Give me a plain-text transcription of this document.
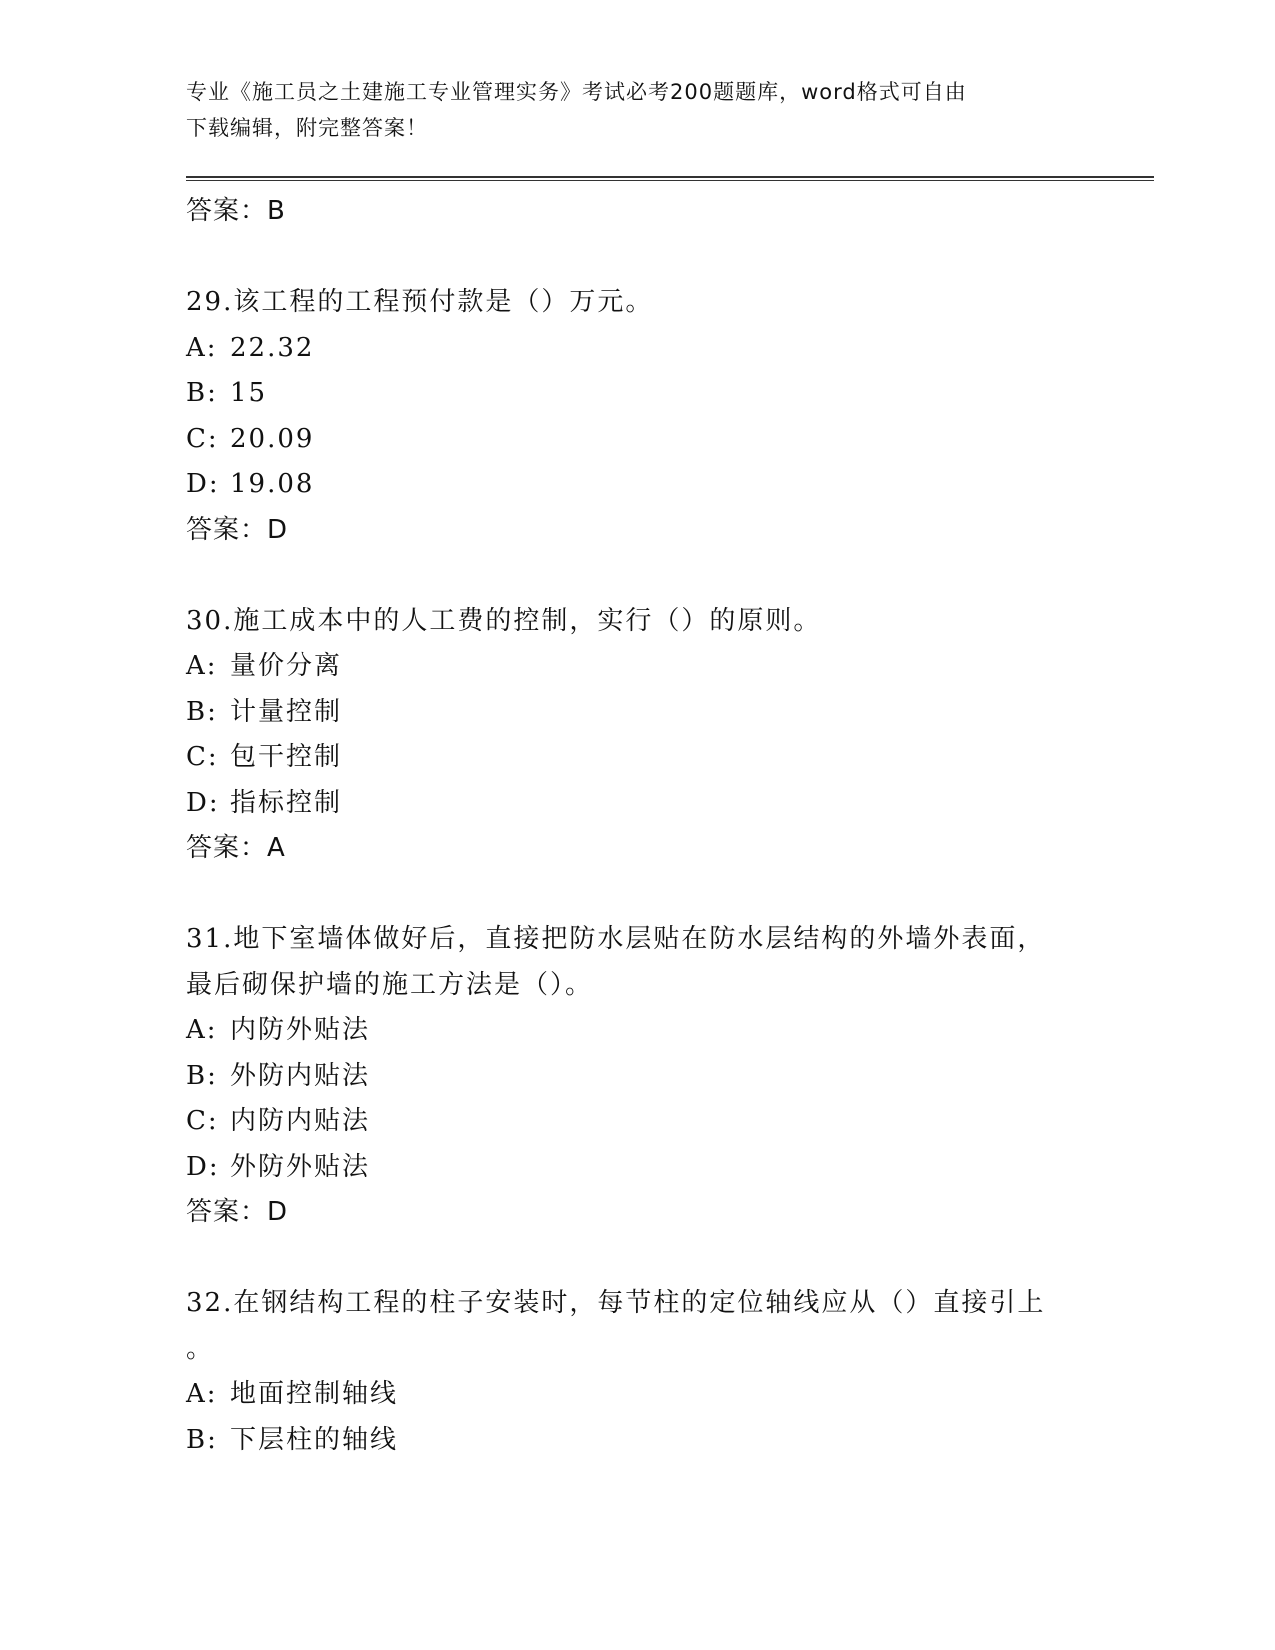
专业《施工员之土建施工专业管理实务》考试必考200题题库，word格式可自由
下载编辑，附完整答案！
答案：B
29.该工程的工程预付款是（）万元。
A: 22.32
B: 15
C: 20.09
D: 19.08
答案：D
30.施工成本中的人工费的控制，实行（）的原则。
A: 量价分离
B: 计量控制
C: 包干控制
D: 指标控制
答案：A
31.地下室墙体做好后，直接把防水层贴在防水层结构的外墙外表面，
最后砌保护墙的施工方法是（）。
A: 内防外贴法
B: 外防内贴法
C: 内防内贴法
D: 外防外贴法
答案：D
32.在钢结构工程的柱子安装时，每节柱的定位轴线应从（）直接引上
。
A: 地面控制轴线
B: 下层柱的轴线
